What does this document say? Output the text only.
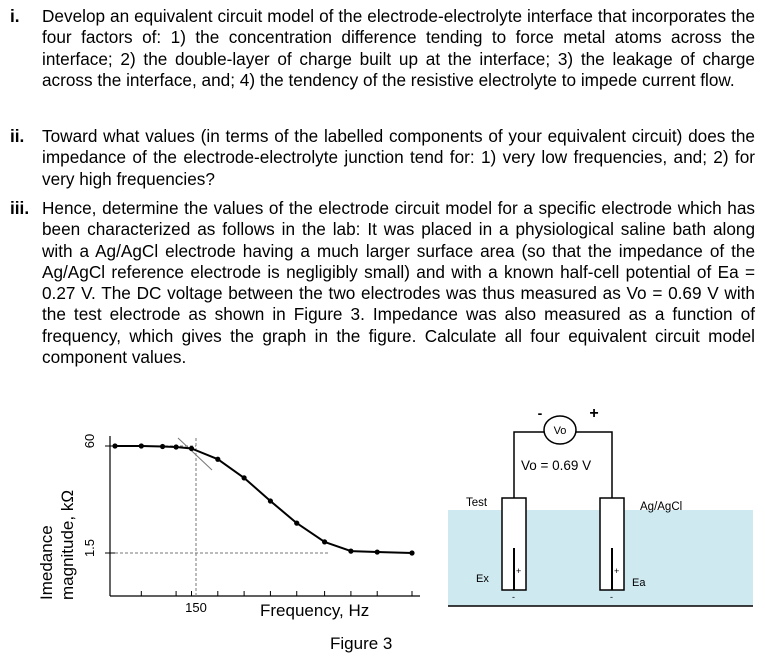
i. Develop an equivalent circuit model of the electrode-electrolyte interface that incorporates the four factors of: 1) the concentration difference tending to force metal atoms across the interface; 2) the double-layer of charge built up at the interface; 3) the leakage of charge across the interface, and; 4) the tendency of the resistive electrolyte to impede current flow.
ii. Toward what values (in terms of the labelled components of your equivalent circuit) does the impedance of the electrode-electrolyte junction tend for: 1) very low frequencies, and; 2) for very high frequencies?
iii. Hence, determine the values of the electrode circuit model for a specific electrode which has been characterized as follows in the lab: It was placed in a physiological saline bath along with a Ag/AgCl electrode having a much larger surface area (so that the impedance of the Ag/AgCl reference electrode is negligibly small) and with a known half-cell potential of Ea = 0.27 V. The DC voltage between the two electrodes was thus measured as Vo = 0.69 V with the test electrode as shown in Figure 3. Impedance was also measured as a function of frequency, which gives the graph in the figure. Calculate all four equivalent circuit model component values.
Imedance magnitude, kΩ
60
1.5
150	Frequency, Hz
Figure 3
Vo
-	+
Vo = 0.69 V
+	+
-	-
Test	Ag/AgCl
Ex	Ea
